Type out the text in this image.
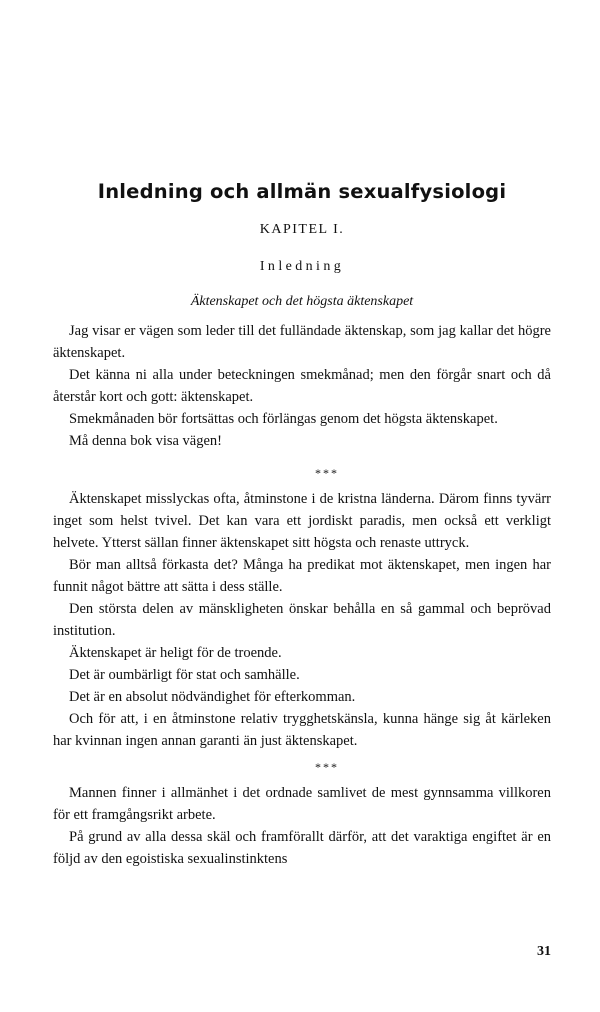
Inledning och allmän sexualfysiologi
KAPITEL I.
Inledning
Äktenskapet och det högsta äktenskapet

Jag visar er vägen som leder till det fulländade äktenskap, som jag kallar det högre äktenskapet.

Det känna ni alla under beteckningen smekmånad; men den förgår snart och då återstår kort och gott: äktenskapet.

Smekmånaden bör fortsättas och förlängas genom det högsta äktenskapet.

Må denna bok visa vägen!

***

Äktenskapet misslyckas ofta, åtminstone i de kristna länderna. Därom finns tyvärr inget som helst tvivel. Det kan vara ett jordiskt paradis, men också ett verkligt helvete. Ytterst sällan finner äktenskapet sitt högsta och renaste uttryck.

Bör man alltså förkasta det? Många ha predikat mot äktenskapet, men ingen har funnit något bättre att sätta i dess ställe.

Den största delen av mänskligheten önskar behålla en så gammal och beprövad institution.

Äktenskapet är heligt för de troende.

Det är oumbärligt för stat och samhälle.

Det är en absolut nödvändighet för efterkomman.

Och för att, i en åtminstone relativ trygghetskänsla, kunna hänge sig åt kärleken har kvinnan ingen annan garanti än just äktenskapet.

***

Mannen finner i allmänhet i det ordnade samlivet de mest gynnsamma villkoren för ett framgångsrikt arbete.

På grund av alla dessa skäl och framförallt därför, att det varaktiga engiftet är en följd av den egoistiska sexualinstinktens

31
